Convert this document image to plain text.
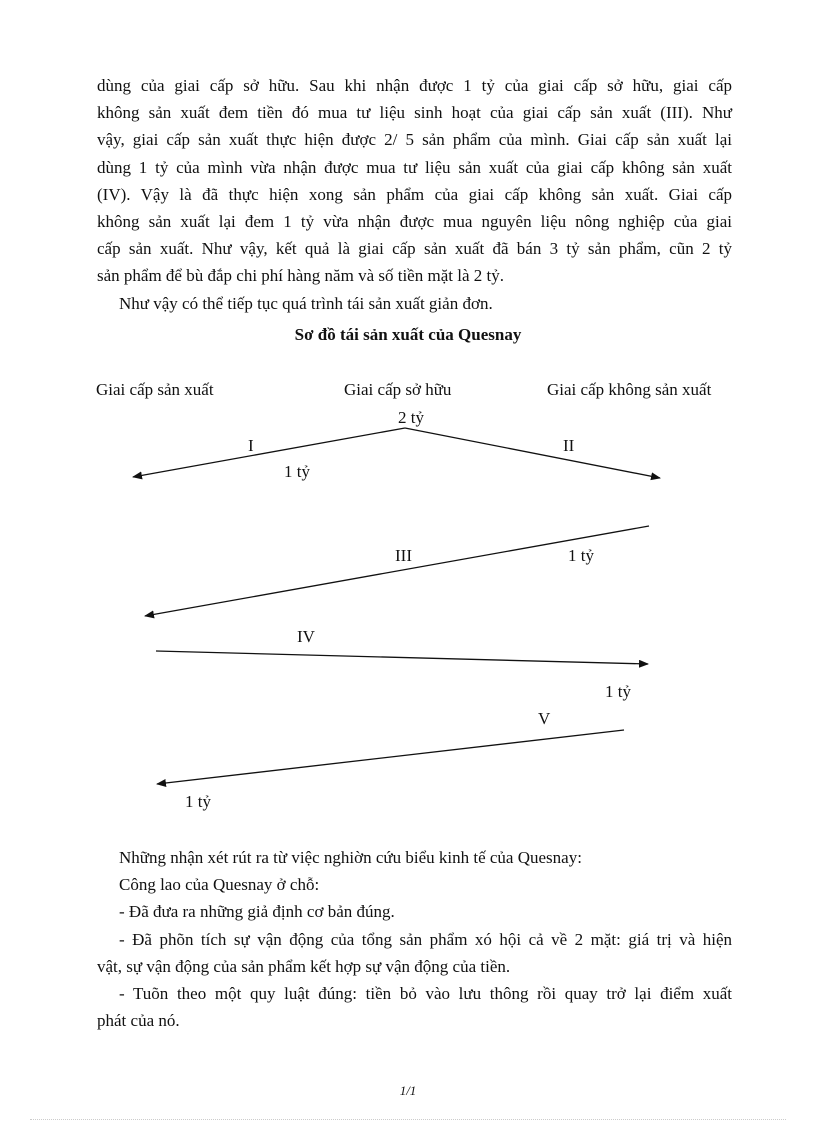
dùng của giai cấp sở hữu. Sau khi nhận được 1 tỷ của giai cấp sở hữu, giai cấp

không sản xuất đem tiền đó mua tư liệu sinh hoạt của giai cấp sản xuất (III). Như

vậy, giai cấp sản xuất thực hiện được 2/ 5 sản phẩm của mình. Giai cấp sản xuất lại

dùng 1 tỷ của mình vừa nhận được mua tư liệu sản xuất của giai cấp không sản xuất

(IV). Vậy là đã thực hiện xong sản phẩm của giai cấp không sản xuất. Giai cấp

không sản xuất lại đem 1 tỷ vừa nhận được mua nguyên liệu nông nghiệp của giai

cấp sản xuất. Như vậy, kết quả là giai cấp sản xuất đã bán 3 tỷ sản phẩm, cũn 2 tỷ

sản phẩm để bù đắp chi phí hàng năm và số tiền mặt là 2 tỷ.

Như vậy có thể tiếp tục quá trình tái sản xuất giản đơn.

Sơ đồ tái sản xuất của Quesnay
Giai cấp sản xuất	Giai cấp sở hữu	Giai cấp không sản xuất
2 tỷ
I
1 tỷ
II
III	1 tỷ
IV
1 tỷ
V
1 tỷ

Những nhận xét rút ra từ việc nghiờn cứu biểu kinh tế của Quesnay:

Công lao của Quesnay ở chỗ:

- Đã đưa ra những giả định cơ bản đúng.

- Đã phõn tích sự vận động của tổng sản phẩm xó hội cả về 2 mặt: giá trị và hiện

vật, sự vận động của sản phẩm kết hợp sự vận động của tiền.

- Tuõn theo một quy luật đúng: tiền bỏ vào lưu thông rồi quay trở lại điểm xuất

phát của nó.

1/1
